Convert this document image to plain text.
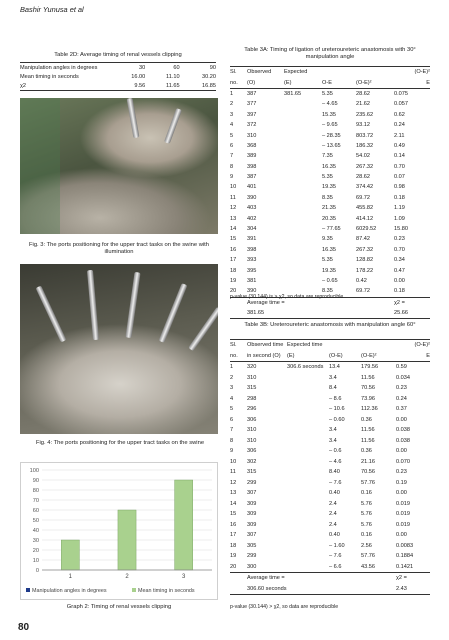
Bashir Yunusa et al
Table 2D: Average timing of renal vessels clipping
Manipulation angles in degrees	30	60	90
Mean timing in seconds	16.00	11.10	30.20
χ2	9.56	11.65	16.85
Fig. 3: The ports positioning for the upper tract tasks on the swine with illumination
Fig. 4: The ports positioning for the upper tract tasks on the swine
0
10
20
30
40
50
60
70
80
90
100
1	2	3
Manipulation angles in degrees	Mean timing in seconds
Graph 2: Timing of renal vessels clipping
80
Table 3A: Timing of ligation of ureteroureteric anastomosis with 30° manipulation angle
Sl.	Observed	Expected			(O-E)²
no.	(O)	(E)	O-E	(O-E)²	E
1	387	381.65	5.35	28.62	0.075
2	377		– 4.65	21.62	0.057
3	397		15.35	235.62	0.62
4	372		– 9.65	93.12	0.24
5	310		– 28.35	803.72	2.11
6	368		– 13.65	186.32	0.49
7	389		7.35	54.02	0.14
8	398		16.35	267.32	0.70
9	387		5.35	28.62	0.07
10	401		19.35	374.42	0.98
11	390		8.35	69.72	0.18
12	403		21.35	455.82	1.19
13	402		20.35	414.12	1.09
14	304		– 77.65	6029.52	15.80
15	391		9.35	87.42	0.23
16	398		16.35	267.32	0.70
17	393		5.35	128.82	0.34
18	395		19.35	178.22	0.47
19	381		– 0.65	0.42	0.00
20	390		8.35	69.72	0.18
	Average time =				χ2 =
	381.65				25.66
p-value (30.144) is > χ2, so data are reproducible
Table 3B: Ureteroureteric anastomosis with manipulation angle 60°
Sl.	Observed time	Expected time			(O-E)²
no.	in second (O)	(E)	(O-E)	(O-E)²	E
1	320	306.6 seconds	13.4	179.56	0.59
2	310		3.4	11.56	0.034
3	315		8.4	70.56	0.23
4	298		– 8.6	73.96	0.24
5	296		– 10.6	112.36	0.37
6	306		– 0.60	0.36	0.00
7	310		3.4	11.56	0.038
8	310		3.4	11.56	0.038
9	306		– 0.6	0.36	0.00
10	302		– 4.6	21.16	0.070
11	315		8.40	70.56	0.23
12	299		– 7.6	57.76	0.19
13	307		0.40	0.16	0.00
14	309		2.4	5.76	0.019
15	309		2.4	5.76	0.019
16	309		2.4	5.76	0.019
17	307		0.40	0.16	0.00
18	305		– 1.60	2.56	0.0083
19	299		– 7.6	57.76	0.1884
20	300		– 6.6	43.56	0.1421
	Average time =				χ2 =
	306.60 seconds				2.43
p-value (30.144) > χ2, so data are reproducible
